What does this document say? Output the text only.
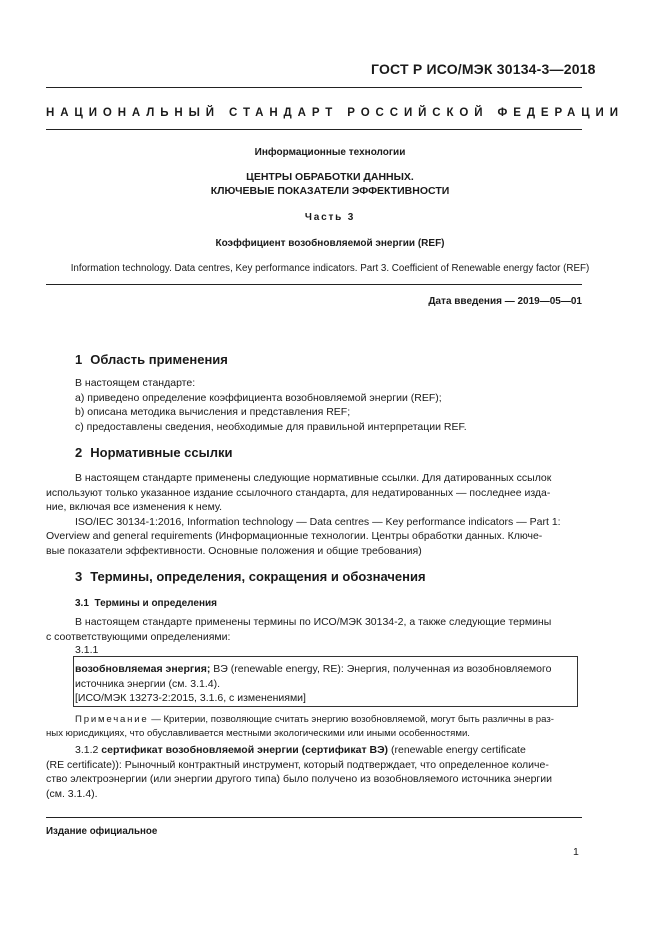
ГОСТ Р ИСО/МЭК 30134-3—2018
НАЦИОНАЛЬНЫЙ СТАНДАРТ РОССИЙСКОЙ ФЕДЕРАЦИИ
Информационные технологии
ЦЕНТРЫ ОБРАБОТКИ ДАННЫХ.
КЛЮЧЕВЫЕ ПОКАЗАТЕЛИ ЭФФЕКТИВНОСТИ
Часть 3
Коэффициент возобновляемой энергии (REF)
Information technology. Data centres, Key performance indicators. Part 3. Coefficient of Renewable energy factor (REF)
Дата введения — 2019—05—01
1 Область применения
В настоящем стандарте:
а) приведено определение коэффициента возобновляемой энергии (REF);
b) описана методика вычисления и представления REF;
c) предоставлены сведения, необходимые для правильной интерпретации REF.
2 Нормативные ссылки
В настоящем стандарте применены следующие нормативные ссылки. Для датированных ссылок
используют только указанное издание ссылочного стандарта, для недатированных — последнее изда-
ние, включая все изменения к нему.
ISO/IEC 30134-1:2016, Information technology — Data centres — Key performance indicators — Part 1:
Overview and general requirements (Информационные технологии. Центры обработки данных. Ключе-
вые показатели эффективности. Основные положения и общие требования)
3 Термины, определения, сокращения и обозначения
3.1 Термины и определения
В настоящем стандарте применены термины по ИСО/МЭК 30134-2, а также следующие термины
с соответствующими определениями:
3.1.1
возобновляемая энергия; ВЭ (renewable energy, RE): Энергия, полученная из возобновляемого
источника энергии (см. 3.1.4).
[ИСО/МЭК 13273-2:2015, 3.1.6, с изменениями]
Примечание — Критерии, позволяющие считать энергию возобновляемой, могут быть различны в раз-
ных юрисдикциях, что обуславливается местными экологическими или иными особенностями.
3.1.2 сертификат возобновляемой энергии (сертификат ВЭ) (renewable energy certificate
(RE certificate)): Рыночный контрактный инструмент, который подтверждает, что определенное количе-
ство электроэнергии (или энергии другого типа) было получено из возобновляемого источника энергии
(см. 3.1.4).
Издание официальное
1
